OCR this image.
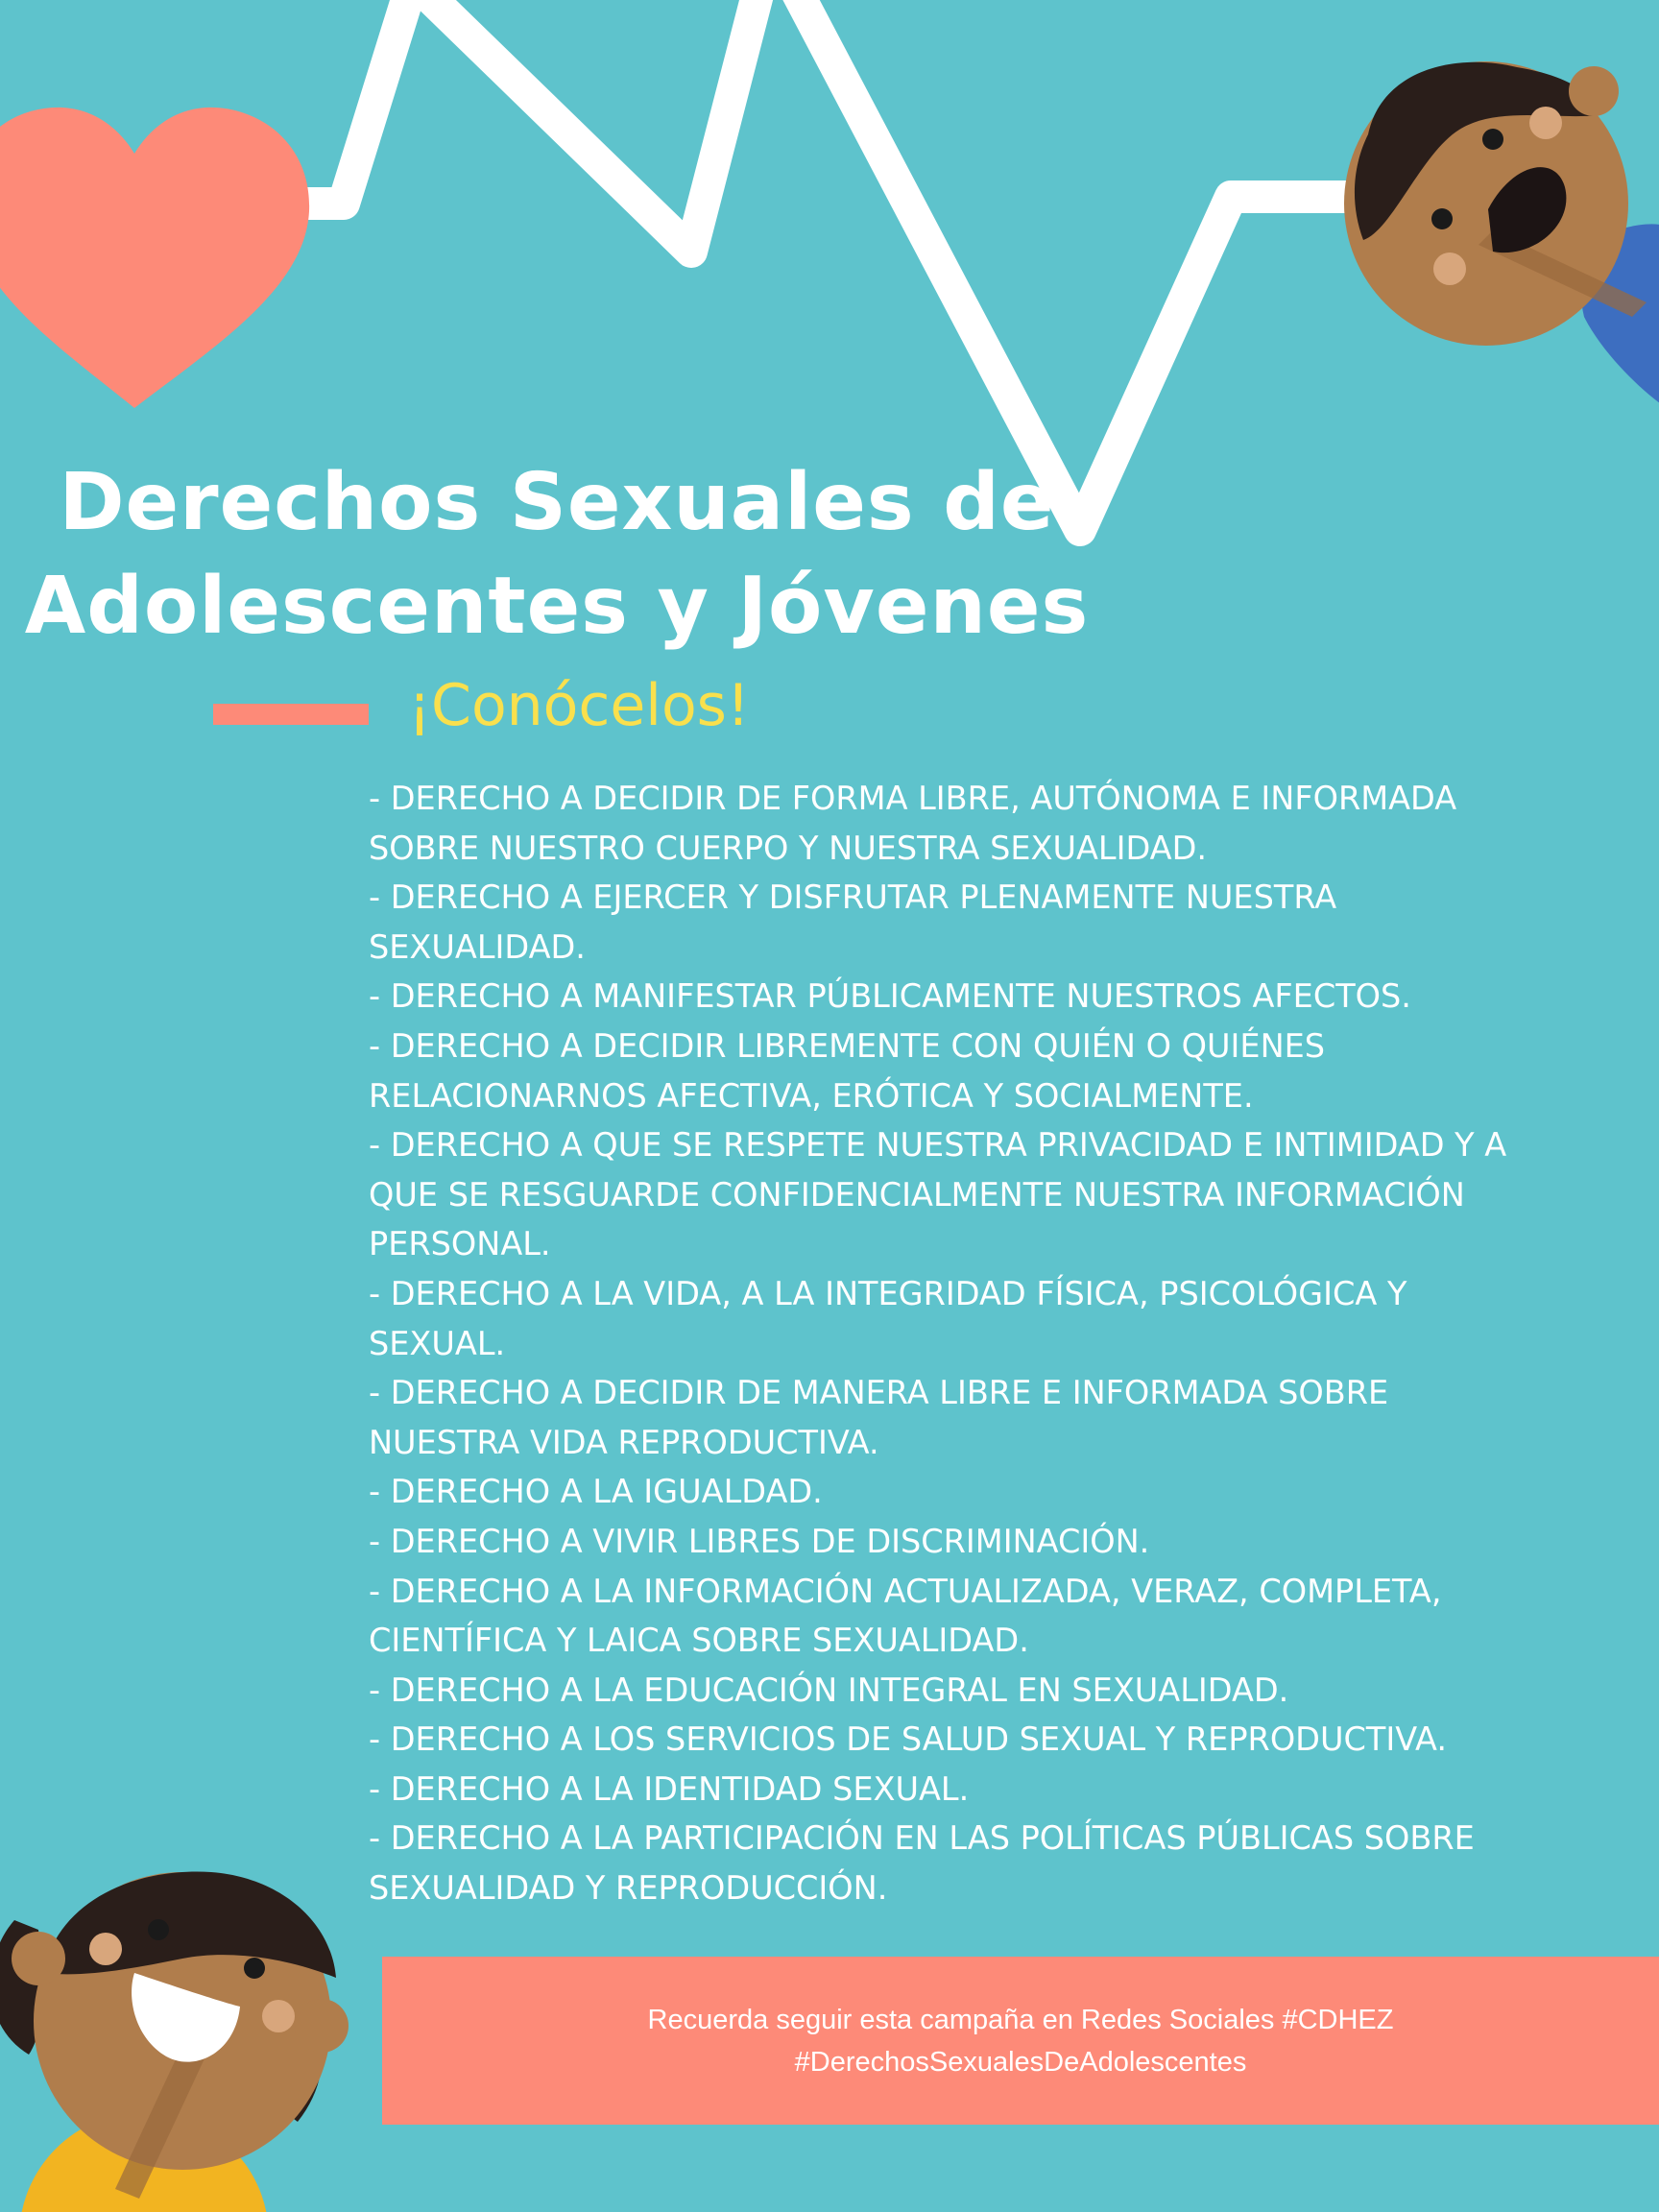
Derechos Sexuales de
Adolescentes y Jóvenes
¡Conócelos!
- DERECHO A DECIDIR DE FORMA LIBRE, AUTÓNOMA E INFORMADA
SOBRE NUESTRO CUERPO Y NUESTRA SEXUALIDAD.
- DERECHO A EJERCER Y DISFRUTAR PLENAMENTE NUESTRA
SEXUALIDAD.
- DERECHO A MANIFESTAR PÚBLICAMENTE NUESTROS AFECTOS.
- DERECHO A DECIDIR LIBREMENTE CON QUIÉN O QUIÉNES
RELACIONARNOS AFECTIVA, ERÓTICA Y SOCIALMENTE.
- DERECHO A QUE SE RESPETE NUESTRA PRIVACIDAD E INTIMIDAD Y A
QUE SE RESGUARDE CONFIDENCIALMENTE NUESTRA INFORMACIÓN
PERSONAL.
- DERECHO A LA VIDA, A LA INTEGRIDAD FÍSICA, PSICOLÓGICA Y
SEXUAL.
- DERECHO A DECIDIR DE MANERA LIBRE E INFORMADA SOBRE
NUESTRA VIDA REPRODUCTIVA.
- DERECHO A LA IGUALDAD.
- DERECHO A VIVIR LIBRES DE DISCRIMINACIÓN.
- DERECHO A LA INFORMACIÓN ACTUALIZADA, VERAZ, COMPLETA,
CIENTÍFICA Y LAICA SOBRE SEXUALIDAD.
- DERECHO A LA EDUCACIÓN INTEGRAL EN SEXUALIDAD.
- DERECHO A LOS SERVICIOS DE SALUD SEXUAL Y REPRODUCTIVA.
- DERECHO A LA IDENTIDAD SEXUAL.
- DERECHO A LA PARTICIPACIÓN EN LAS POLÍTICAS PÚBLICAS SOBRE
SEXUALIDAD Y REPRODUCCIÓN.
Recuerda seguir esta campaña en Redes Sociales #CDHEZ
#DerechosSexualesDeAdolescentes
